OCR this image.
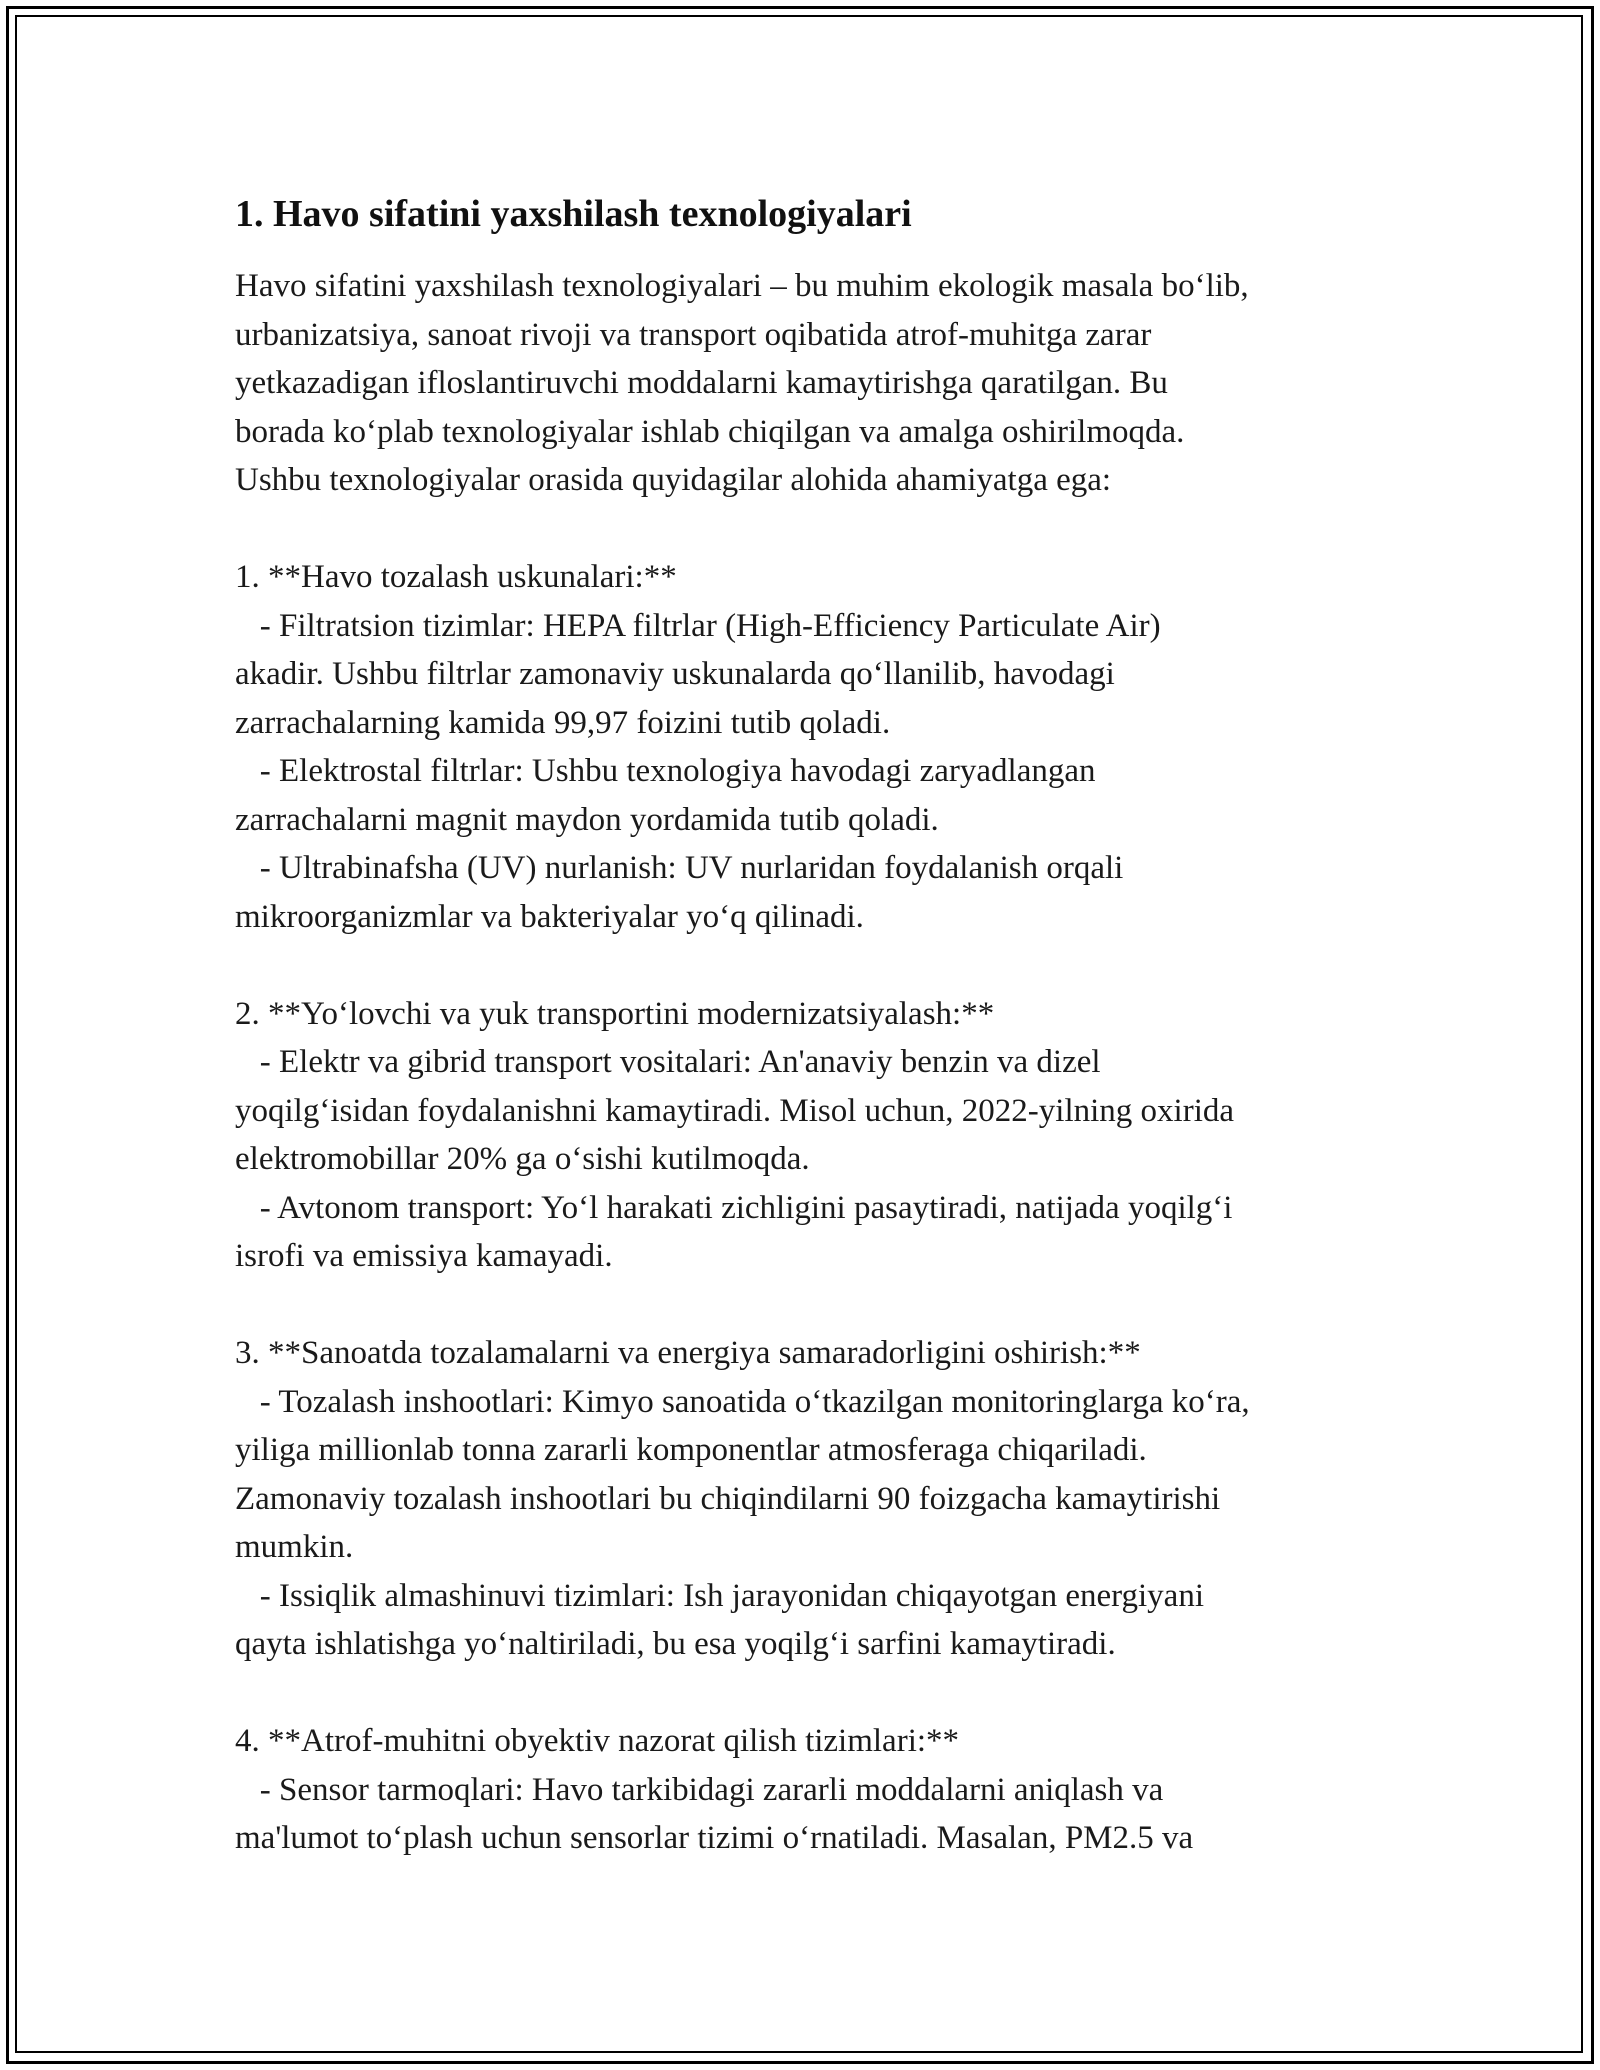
1. Havo sifatini yaxshilash texnologiyalari

Havo sifatini yaxshilash texnologiyalari – bu muhim ekologik masala bo‘lib,

urbanizatsiya, sanoat rivoji va transport oqibatida atrof-muhitga zarar

yetkazadigan ifloslantiruvchi moddalarni kamaytirishga qaratilgan. Bu

borada ko‘plab texnologiyalar ishlab chiqilgan va amalga oshirilmoqda.

Ushbu texnologiyalar orasida quyidagilar alohida ahamiyatga ega:

1. **Havo tozalash uskunalari:**

- Filtratsion tizimlar: HEPA filtrlar (High-Efficiency Particulate Air)

akadir. Ushbu filtrlar zamonaviy uskunalarda qo‘llanilib, havodagi

zarrachalarning kamida 99,97 foizini tutib qoladi.

- Elektrostal filtrlar: Ushbu texnologiya havodagi zaryadlangan

zarrachalarni magnit maydon yordamida tutib qoladi.

- Ultrabinafsha (UV) nurlanish: UV nurlaridan foydalanish orqali

mikroorganizmlar va bakteriyalar yo‘q qilinadi.

2. **Yo‘lovchi va yuk transportini modernizatsiyalash:**

- Elektr va gibrid transport vositalari: An'anaviy benzin va dizel

yoqilg‘isidan foydalanishni kamaytiradi. Misol uchun, 2022-yilning oxirida

elektromobillar 20% ga o‘sishi kutilmoqda.

- Avtonom transport: Yo‘l harakati zichligini pasaytiradi, natijada yoqilg‘i

isrofi va emissiya kamayadi.

3. **Sanoatda tozalamalarni va energiya samaradorligini oshirish:**

- Tozalash inshootlari: Kimyo sanoatida o‘tkazilgan monitoringlarga ko‘ra,

yiliga millionlab tonna zararli komponentlar atmosferaga chiqariladi.

Zamonaviy tozalash inshootlari bu chiqindilarni 90 foizgacha kamaytirishi

mumkin.

- Issiqlik almashinuvi tizimlari: Ish jarayonidan chiqayotgan energiyani

qayta ishlatishga yo‘naltiriladi, bu esa yoqilg‘i sarfini kamaytiradi.

4. **Atrof-muhitni obyektiv nazorat qilish tizimlari:**

- Sensor tarmoqlari: Havo tarkibidagi zararli moddalarni aniqlash va

ma'lumot to‘plash uchun sensorlar tizimi o‘rnatiladi. Masalan, PM2.5 va
